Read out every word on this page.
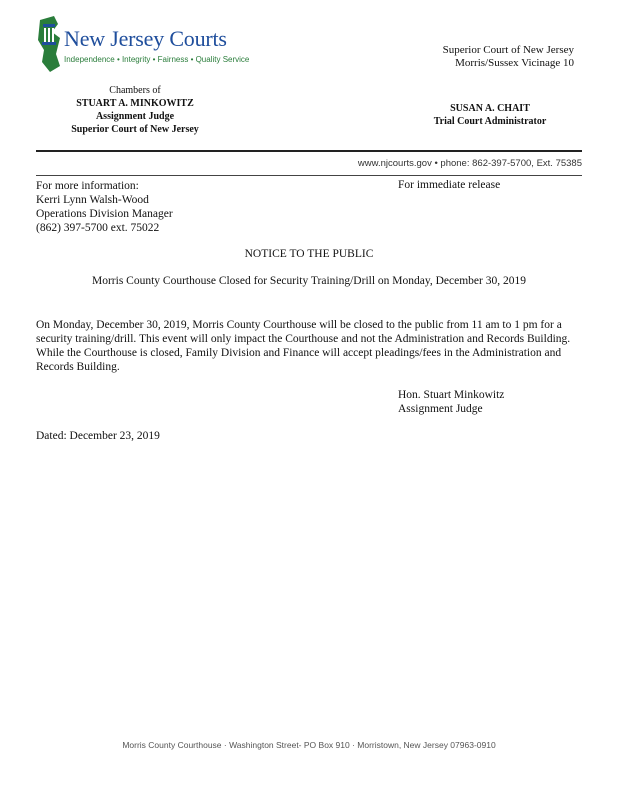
New Jersey Courts
Independence • Integrity • Fairness • Quality Service
Superior Court of New Jersey
Morris/Sussex Vicinage 10
Chambers of
STUART A. MINKOWITZ
Assignment Judge
Superior Court of New Jersey
SUSAN A. CHAIT
Trial Court Administrator
www.njcourts.gov • phone: 862-397-5700, Ext. 75385
For more information:
Kerri Lynn Walsh-Wood
Operations Division Manager
(862) 397-5700 ext. 75022
For immediate release
NOTICE TO THE PUBLIC
Morris County Courthouse Closed for Security Training/Drill on Monday, December 30, 2019
On Monday, December 30, 2019, Morris County Courthouse will be closed to the public from 11 am to 1 pm for a security training/drill. This event will only impact the Courthouse and not the Administration and Records Building. While the Courthouse is closed, Family Division and Finance will accept pleadings/fees in the Administration and Records Building.
Hon. Stuart Minkowitz
Assignment Judge
Dated: December 23, 2019
Morris County Courthouse · Washington Street- PO Box 910 · Morristown, New Jersey 07963-0910
